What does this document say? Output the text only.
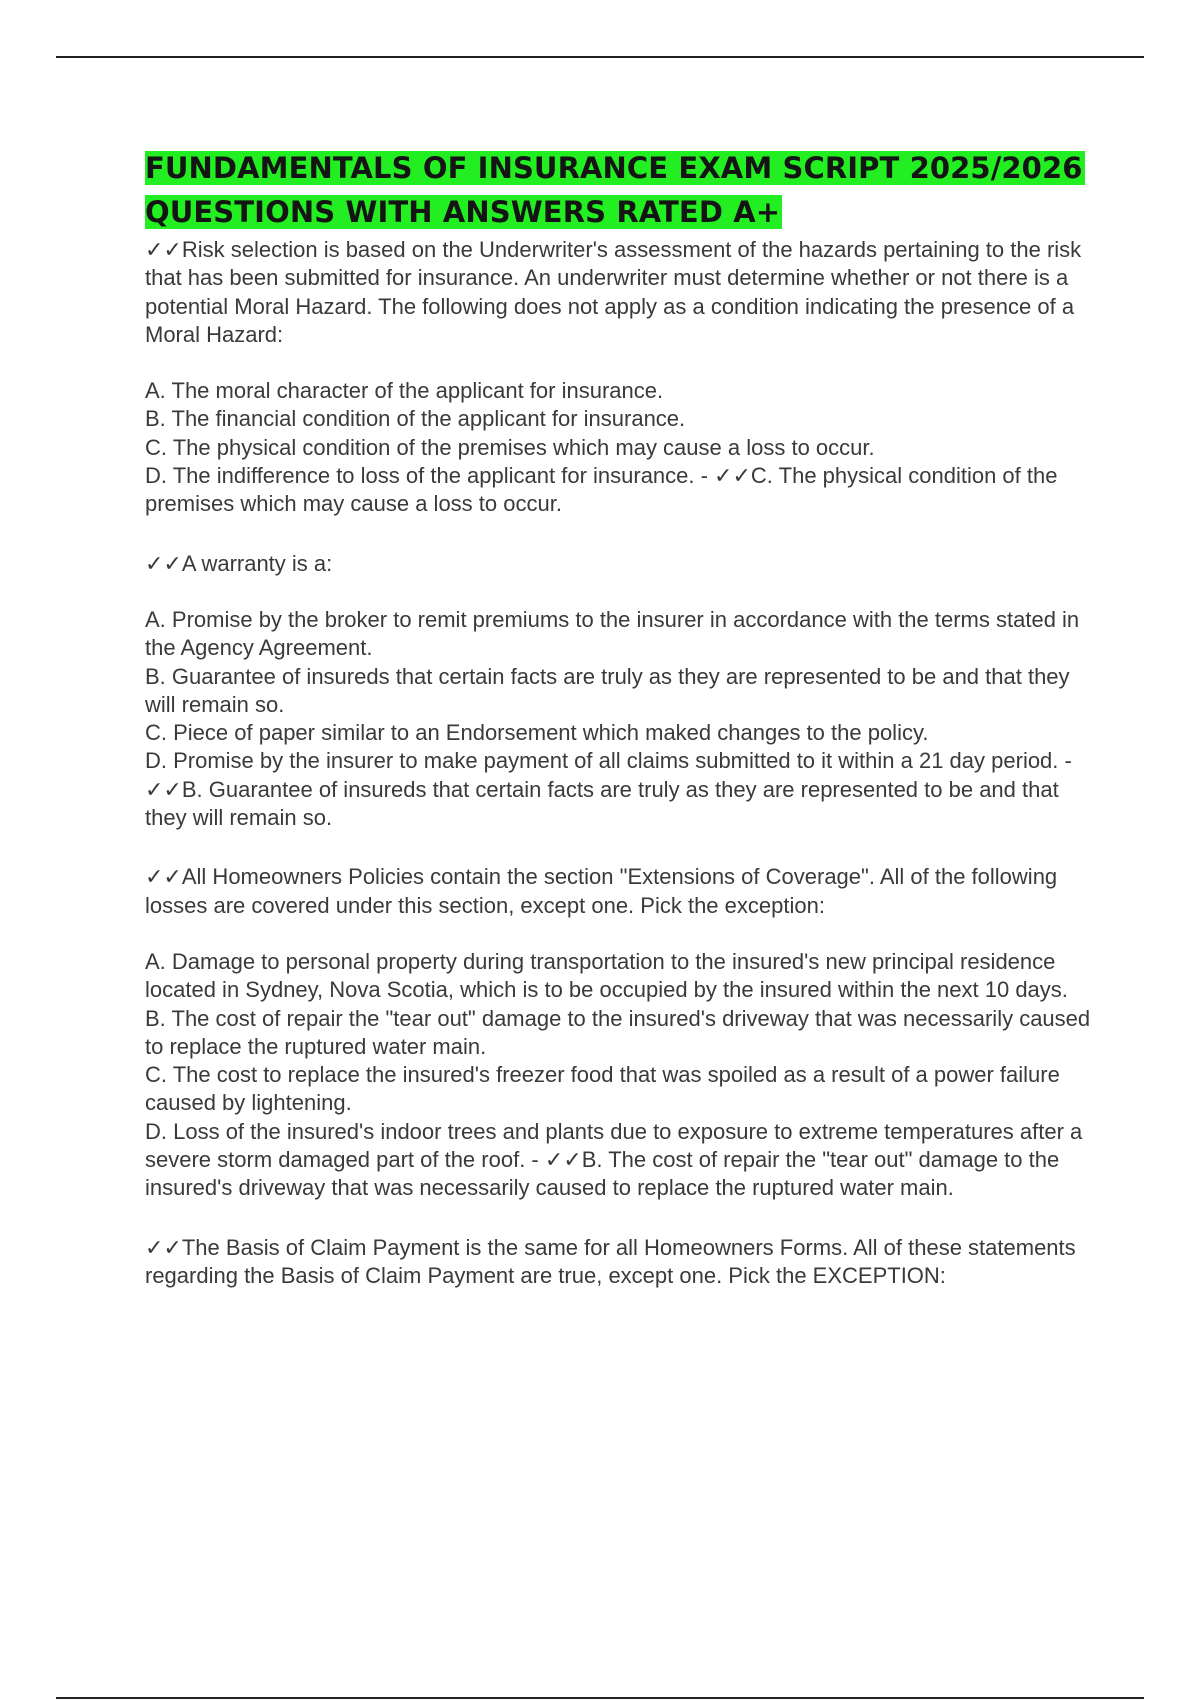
FUNDAMENTALS OF INSURANCE EXAM SCRIPT 2025/2026 QUESTIONS WITH ANSWERS RATED A+

✓✓Risk selection is based on the Underwriter's assessment of the hazards pertaining to the risk that has been submitted for insurance. An underwriter must determine whether or not there is a potential Moral Hazard. The following does not apply as a condition indicating the presence of a Moral Hazard:

A. The moral character of the applicant for insurance.

B. The financial condition of the applicant for insurance.

C. The physical condition of the premises which may cause a loss to occur.

D. The indifference to loss of the applicant for insurance. - ✓✓C. The physical condition of the premises which may cause a loss to occur.

✓✓A warranty is a:

A. Promise by the broker to remit premiums to the insurer in accordance with the terms stated in the Agency Agreement.

B. Guarantee of insureds that certain facts are truly as they are represented to be and that they will remain so.

C. Piece of paper similar to an Endorsement which maked changes to the policy.

D. Promise by the insurer to make payment of all claims submitted to it within a 21 day period. - ✓✓B. Guarantee of insureds that certain facts are truly as they are represented to be and that they will remain so.

✓✓All Homeowners Policies contain the section "Extensions of Coverage". All of the following losses are covered under this section, except one. Pick the exception:

A. Damage to personal property during transportation to the insured's new principal residence located in Sydney, Nova Scotia, which is to be occupied by the insured within the next 10 days.

B. The cost of repair the "tear out" damage to the insured's driveway that was necessarily caused to replace the ruptured water main.

C. The cost to replace the insured's freezer food that was spoiled as a result of a power failure caused by lightening.

D. Loss of the insured's indoor trees and plants due to exposure to extreme temperatures after a severe storm damaged part of the roof. - ✓✓B. The cost of repair the "tear out" damage to the insured's driveway that was necessarily caused to replace the ruptured water main.

✓✓The Basis of Claim Payment is the same for all Homeowners Forms. All of these statements regarding the Basis of Claim Payment are true, except one. Pick the EXCEPTION:
